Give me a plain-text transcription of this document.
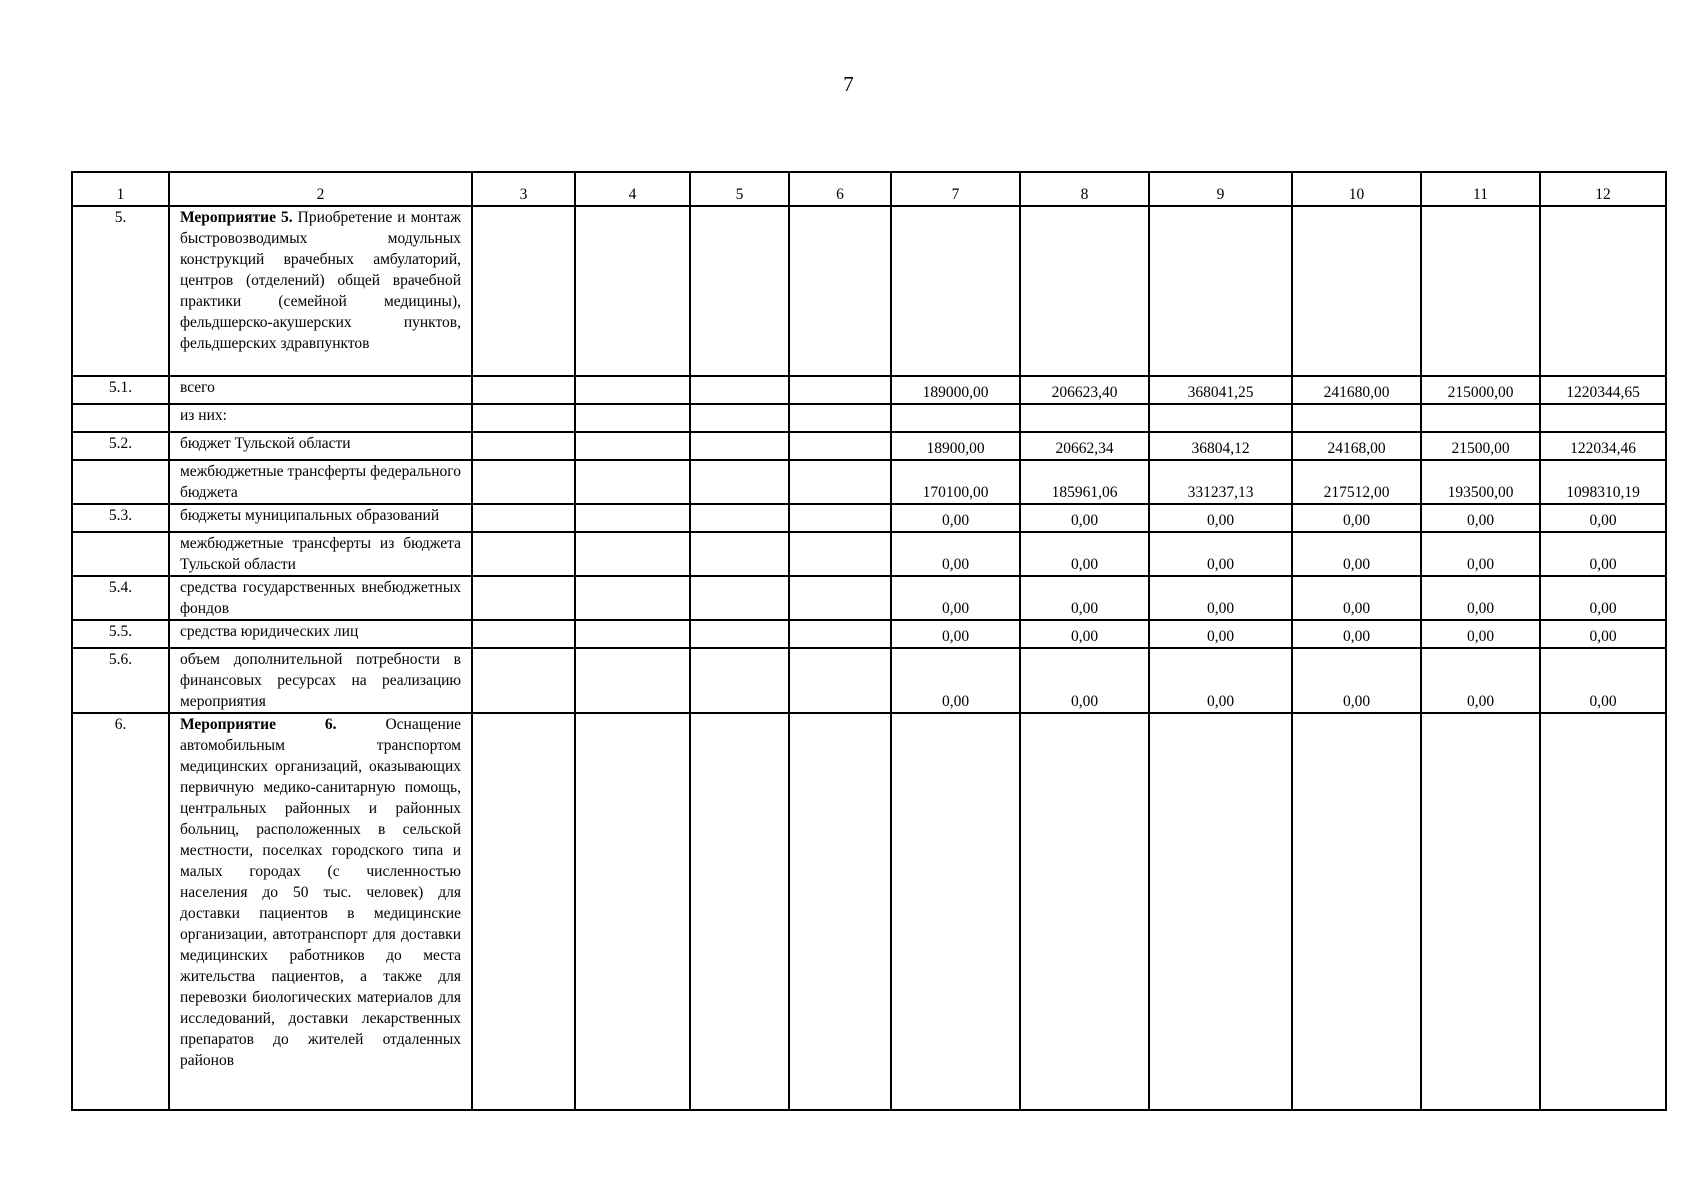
7
1	2	3	4	5	6	7	8	9	10	11	12
5.	Мероприятие 5. Приобретение и монтаж быстровозводимых модульных конструкций врачебных амбулаторий, центров (отделений) общей врачебной практики (семейной медицины), фельдшерско-акушерских пунктов, фельдшерских здравпунктов										
5.1.	всего					189000,00	206623,40	368041,25	241680,00	215000,00	1220344,65
	из них:										
5.2.	бюджет Тульской области					18900,00	20662,34	36804,12	24168,00	21500,00	122034,46
	межбюджетные трансферты федерального бюджета					170100,00	185961,06	331237,13	217512,00	193500,00	1098310,19
5.3.	бюджеты муниципальных образований					0,00	0,00	0,00	0,00	0,00	0,00
	межбюджетные трансферты из бюджета Тульской области					0,00	0,00	0,00	0,00	0,00	0,00
5.4.	средства государственных внебюджетных фондов					0,00	0,00	0,00	0,00	0,00	0,00
5.5.	средства юридических лиц					0,00	0,00	0,00	0,00	0,00	0,00
5.6.	объем дополнительной потребности в финансовых ресурсах на реализацию мероприятия					0,00	0,00	0,00	0,00	0,00	0,00
6.	Мероприятие 6. Оснащение автомобильным транспортом медицинских организаций, оказывающих первичную медико-санитарную помощь, центральных районных и районных больниц, расположенных в сельской местности, поселках городского типа и малых городах (с численностью населения до 50 тыс. человек) для доставки пациентов в медицинские организации, автотранспорт для доставки медицинских работников до места жительства пациентов, а также для перевозки биологических материалов для исследований, доставки лекарственных препаратов до жителей отдаленных районов										
